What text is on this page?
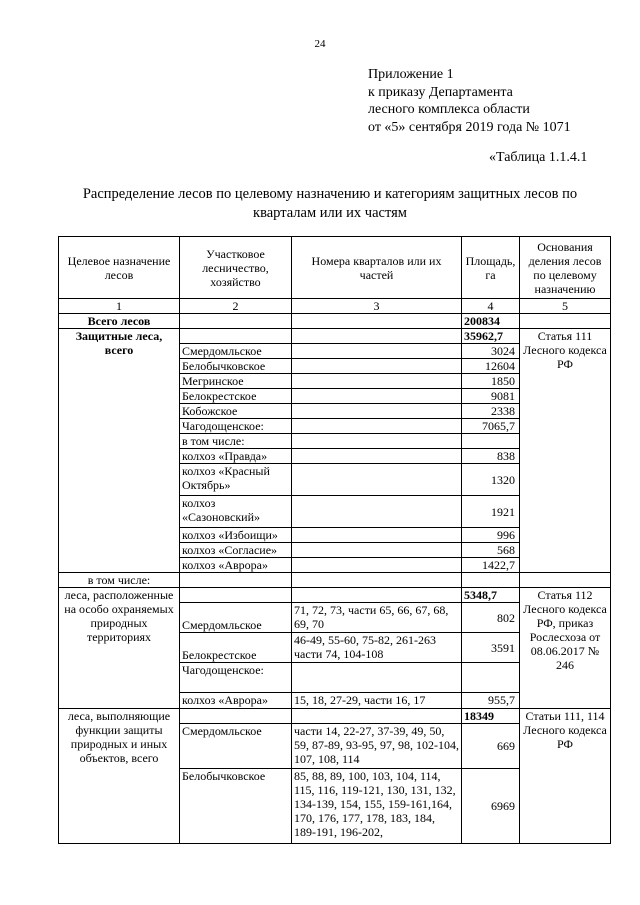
24
Приложение 1
к приказу Департамента
лесного комплекса области
от «5» сентября 2019 года № 1071
«Таблица 1.1.4.1
Распределение лесов по целевому назначению и категориям защитных лесов по
кварталам или их частям
Целевое назначение лесов	Участковое лесничество, хозяйство	Номера кварталов или их частей	Площадь, га	Основания деления лесов по целевому назначению
1	2	3	4	5
Всего лесов			200834	
Защитные леса, всего			35962,7	Статья 111 Лесного кодекса РФ
	Смердомльское		3024	
	Белобычковское		12604	
	Мегринское		1850	
	Белокрестское		9081	
	Кобожское		2338	
	Чагодощенское:		7065,7	
	в том числе:			
	колхоз «Правда»		838	
	колхоз «Красный Октябрь»		1320	
	колхоз «Сазоновский»		1921	
	колхоз «Избоищи»		996	
	колхоз «Согласие»		568	
	колхоз «Аврора»		1422,7	
в том числе:				
леса, расположенные на особо охраняемых природных территориях			5348,7	Статья 112 Лесного кодекса РФ, приказ Рослесхоза от 08.06.2017 № 246
	Смердомльское	71, 72, 73, части 65, 66, 67, 68, 69, 70	802	
	Белокрестское	46-49, 55-60, 75-82, 261-263 части 74, 104-108	3591	
	Чагодощенское:			
	колхоз «Аврора»	15, 18, 27-29, части 16, 17	955,7	
леса, выполняющие функции защиты природных и иных объектов, всего			18349	Статьи 111, 114 Лесного кодекса РФ
	Смердомльское	части 14, 22-27, 37-39, 49, 50, 59, 87-89, 93-95, 97, 98, 102-104, 107, 108, 114	669	
	Белобычковское	85, 88, 89, 100, 103, 104, 114, 115, 116, 119-121, 130, 131, 132, 134-139, 154, 155, 159-161,164, 170, 176, 177, 178, 183, 184, 189-191, 196-202,	6969	
